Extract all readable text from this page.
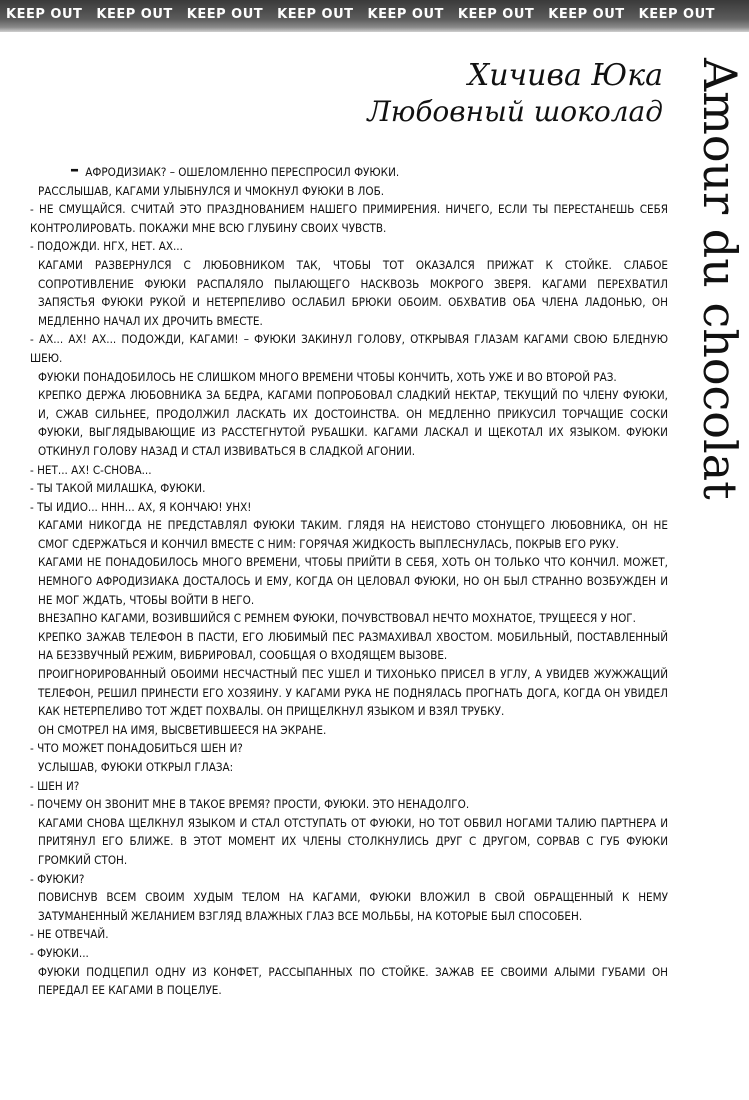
KEEP OUT KEEP OUT KEEP OUT KEEP OUT KEEP OUT KEEP OUT KEEP OUT KEEP OUT
Хичива Юка
Любовный шоколад Amour du chocolat

– АФРОДИЗИАК? – ОШЕЛОМЛЕННО ПЕРЕСПРОСИЛ ФУЮКИ.

РАССЛЫШАВ, КАГАМИ УЛЫБНУЛСЯ И ЧМОКНУЛ ФУЮКИ В ЛОБ.

- НЕ СМУЩАЙСЯ. СЧИТАЙ ЭТО ПРАЗДНОВАНИЕМ НАШЕГО ПРИМИРЕНИЯ. НИЧЕГО, ЕСЛИ ТЫ ПЕРЕСТАНЕШЬ СЕБЯ КОНТРОЛИРОВАТЬ. ПОКАЖИ МНЕ ВСЮ ГЛУБИНУ СВОИХ ЧУВСТВ.

- ПОДОЖДИ. НГХ, НЕТ. АХ...

КАГАМИ РАЗВЕРНУЛСЯ С ЛЮБОВНИКОМ ТАК, ЧТОБЫ ТОТ ОКАЗАЛСЯ ПРИЖАТ К СТОЙКЕ. СЛАБОЕ СОПРОТИВЛЕНИЕ ФУЮКИ РАСПАЛЯЛО ПЫЛАЮЩЕГО НАСКВОЗЬ МОКРОГО ЗВЕРЯ. КАГАМИ ПЕРЕХВАТИЛ ЗАПЯСТЬЯ ФУЮКИ РУКОЙ И НЕТЕРПЕЛИВО ОСЛАБИЛ БРЮКИ ОБОИМ. ОБХВАТИВ ОБА ЧЛЕНА ЛАДОНЬЮ, ОН МЕДЛЕННО НАЧАЛ ИХ ДРОЧИТЬ ВМЕСТЕ.

- АХ... АХ! АХ... ПОДОЖДИ, КАГАМИ! – ФУЮКИ ЗАКИНУЛ ГОЛОВУ, ОТКРЫВАЯ ГЛАЗАМ КАГАМИ СВОЮ БЛЕДНУЮ ШЕЮ.

ФУЮКИ ПОНАДОБИЛОСЬ НЕ СЛИШКОМ МНОГО ВРЕМЕНИ ЧТОБЫ КОНЧИТЬ, ХОТЬ УЖЕ И ВО ВТОРОЙ РАЗ.

КРЕПКО ДЕРЖА ЛЮБОВНИКА ЗА БЕДРА, КАГАМИ ПОПРОБОВАЛ СЛАДКИЙ НЕКТАР, ТЕКУЩИЙ ПО ЧЛЕНУ ФУЮКИ, И, СЖАВ СИЛЬНЕЕ, ПРОДОЛЖИЛ ЛАСКАТЬ ИХ ДОСТОИНСТВА. ОН МЕДЛЕННО ПРИКУСИЛ ТОРЧАЩИЕ СОСКИ ФУЮКИ, ВЫГЛЯДЫВАЮЩИЕ ИЗ РАССТЕГНУТОЙ РУБАШКИ. КАГАМИ ЛАСКАЛ И ЩЕКОТАЛ ИХ ЯЗЫКОМ. ФУЮКИ ОТКИНУЛ ГОЛОВУ НАЗАД И СТАЛ ИЗВИВАТЬСЯ В СЛАДКОЙ АГОНИИ.

- НЕТ... АХ! С-СНОВА...

- ТЫ ТАКОЙ МИЛАШКА, ФУЮКИ.

- ТЫ ИДИО... ННН... АХ, Я КОНЧАЮ! УНХ!

КАГАМИ НИКОГДА НЕ ПРЕДСТАВЛЯЛ ФУЮКИ ТАКИМ. ГЛЯДЯ НА НЕИСТОВО СТОНУЩЕГО ЛЮБОВНИКА, ОН НЕ СМОГ СДЕРЖАТЬСЯ И КОНЧИЛ ВМЕСТЕ С НИМ: ГОРЯЧАЯ ЖИДКОСТЬ ВЫПЛЕСНУЛАСЬ, ПОКРЫВ ЕГО РУКУ.

КАГАМИ НЕ ПОНАДОБИЛОСЬ МНОГО ВРЕМЕНИ, ЧТОБЫ ПРИЙТИ В СЕБЯ, ХОТЬ ОН ТОЛЬКО ЧТО КОНЧИЛ. МОЖЕТ, НЕМНОГО АФРОДИЗИАКА ДОСТАЛОСЬ И ЕМУ, КОГДА ОН ЦЕЛОВАЛ ФУЮКИ, НО ОН БЫЛ СТРАННО ВОЗБУЖДЕН И НЕ МОГ ЖДАТЬ, ЧТОБЫ ВОЙТИ В НЕГО.

ВНЕЗАПНО КАГАМИ, ВОЗИВШИЙСЯ С РЕМНЕМ ФУЮКИ, ПОЧУВСТВОВАЛ НЕЧТО МОХНАТОЕ, ТРУЩЕЕСЯ У НОГ.

КРЕПКО ЗАЖАВ ТЕЛЕФОН В ПАСТИ, ЕГО ЛЮБИМЫЙ ПЕС РАЗМАХИВАЛ ХВОСТОМ. МОБИЛЬНЫЙ, ПОСТАВЛЕННЫЙ НА БЕЗЗВУЧНЫЙ РЕЖИМ, ВИБРИРОВАЛ, СООБЩАЯ О ВХОДЯЩЕМ ВЫЗОВЕ.

ПРОИГНОРИРОВАННЫЙ ОБОИМИ НЕСЧАСТНЫЙ ПЕС УШЕЛ И ТИХОНЬКО ПРИСЕЛ В УГЛУ, А УВИДЕВ ЖУЖЖАЩИЙ ТЕЛЕФОН, РЕШИЛ ПРИНЕСТИ ЕГО ХОЗЯИНУ. У КАГАМИ РУКА НЕ ПОДНЯЛАСЬ ПРОГНАТЬ ДОГА, КОГДА ОН УВИДЕЛ КАК НЕТЕРПЕЛИВО ТОТ ЖДЕТ ПОХВАЛЫ. ОН ПРИЩЕЛКНУЛ ЯЗЫКОМ И ВЗЯЛ ТРУБКУ.

ОН СМОТРЕЛ НА ИМЯ, ВЫСВЕТИВШЕЕСЯ НА ЭКРАНЕ.

- ЧТО МОЖЕТ ПОНАДОБИТЬСЯ ШЕН И?

УСЛЫШАВ, ФУЮКИ ОТКРЫЛ ГЛАЗА:

- ШЕН И?

- ПОЧЕМУ ОН ЗВОНИТ МНЕ В ТАКОЕ ВРЕМЯ? ПРОСТИ, ФУЮКИ. ЭТО НЕНАДОЛГО.

КАГАМИ СНОВА ЩЕЛКНУЛ ЯЗЫКОМ И СТАЛ ОТСТУПАТЬ ОТ ФУЮКИ, НО ТОТ ОБВИЛ НОГАМИ ТАЛИЮ ПАРТНЕРА И ПРИТЯНУЛ ЕГО БЛИЖЕ. В ЭТОТ МОМЕНТ ИХ ЧЛЕНЫ СТОЛКНУЛИСЬ ДРУГ С ДРУГОМ, СОРВАВ С ГУБ ФУЮКИ ГРОМКИЙ СТОН.

- ФУЮКИ?

ПОВИСНУВ ВСЕМ СВОИМ ХУДЫМ ТЕЛОМ НА КАГАМИ, ФУЮКИ ВЛОЖИЛ В СВОЙ ОБРАЩЕННЫЙ К НЕМУ ЗАТУМАНЕННЫЙ ЖЕЛАНИЕМ ВЗГЛЯД ВЛАЖНЫХ ГЛАЗ ВСЕ МОЛЬБЫ, НА КОТОРЫЕ БЫЛ СПОСОБЕН.

- НЕ ОТВЕЧАЙ.

- ФУЮКИ...

ФУЮКИ ПОДЦЕПИЛ ОДНУ ИЗ КОНФЕТ, РАССЫПАННЫХ ПО СТОЙКЕ. ЗАЖАВ ЕЕ СВОИМИ АЛЫМИ ГУБАМИ ОН ПЕРЕДАЛ ЕЕ КАГАМИ В ПОЦЕЛУЕ.
